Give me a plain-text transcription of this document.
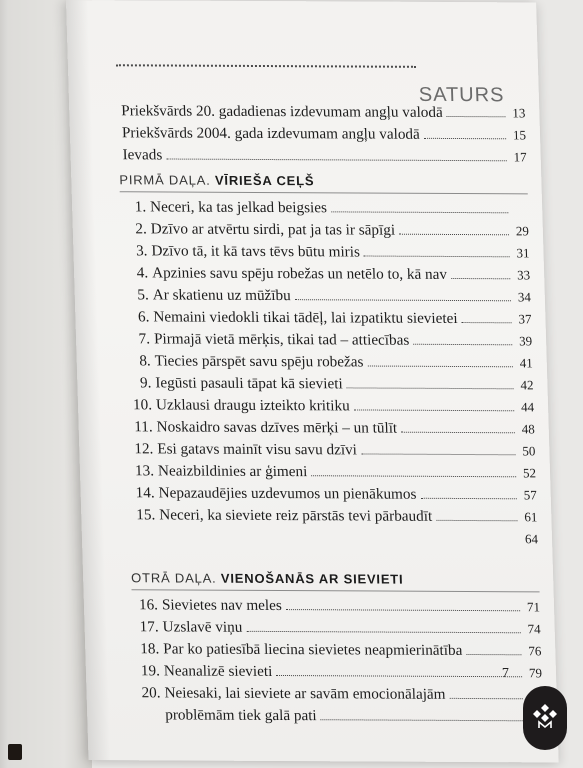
SATURS
Priekšvārds 20. gadadienas izdevumam angļu valodā	13
Priekšvārds 2004. gada izdevumam angļu valodā	15
Ievads	17
PIRMĀ DAĻA. VĪRIEŠA CEĻŠ
1. Neceri, ka tas jelkad beigsies
2. Dzīvo ar atvērtu sirdi, pat ja tas ir sāpīgi	29
3. Dzīvo tā, it kā tavs tēvs būtu miris	31
4. Apzinies savu spēju robežas un netēlo to, kā nav	33
5. Ar skatienu uz mūžību	34
6. Nemaini viedokli tikai tādēļ, lai izpatiktu sievietei	37
7. Pirmajā vietā mērķis, tikai tad – attiecības	39
8. Tiecies pārspēt savu spēju robežas	41
9. Iegūsti pasauli tāpat kā sievieti	42
10. Uzklausi draugu izteikto kritiku	44
11. Noskaidro savas dzīves mērķi – un tūlīt	48
12. Esi gatavs mainīt visu savu dzīvi	50
13. Neaizbildinies ar ģimeni	52
14. Nepazaudējies uzdevumos un pienākumos	57
15. Neceri, ka sieviete reiz pārstās tevi pārbaudīt	61
64
OTRĀ DAĻA. VIENOŠANĀS AR SIEVIETI
16. Sievietes nav meles	71
17. Uzslavē viņu	74
18. Par ko patiesībā liecina sievietes neapmierinātība	76
19. Neanalizē sievieti	79
20. Neiesaki, lai sieviete ar savām emocionālajām
problēmām tiek galā pati
7
